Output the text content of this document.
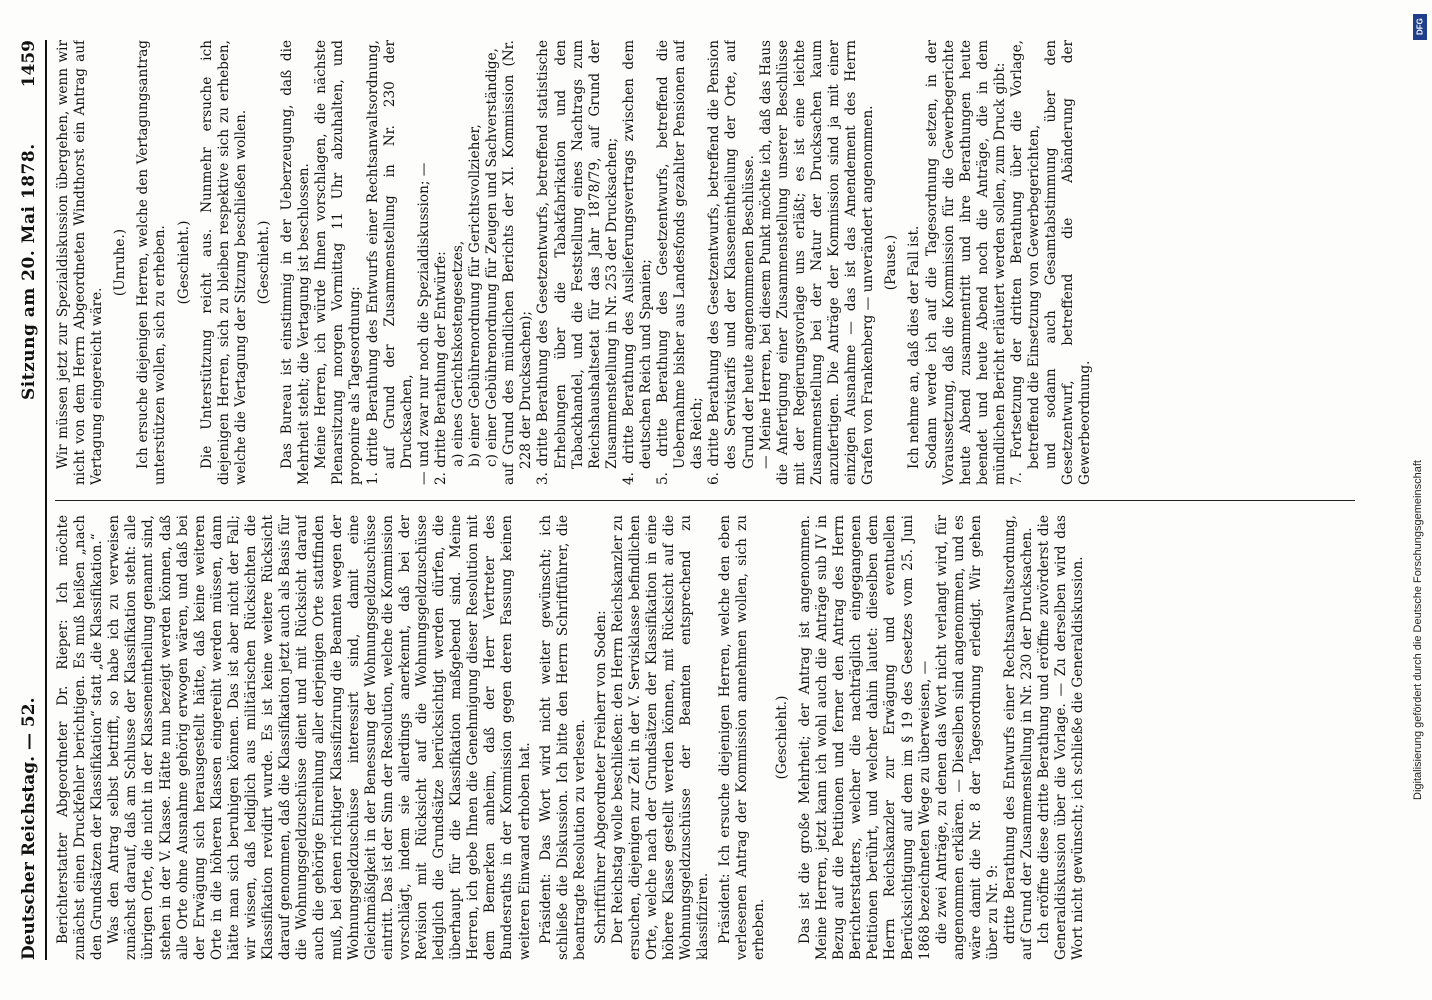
Deutscher Reichstag. — 52.
Sitzung am 20. Mai 1878.
1459

Berichterstatter Abgeordneter Dr. Rieper: Ich möchte zunächst einen Druckfehler berichtigen. Es muß heißen „nach den Grundsätzen der Klassifikation“ statt „die Klassifikation.“ Was den Antrag selbst betrifft, so habe ich zu verweisen zunächst darauf, daß am Schlusse der Klassifikation steht: alle übrigen Orte, die nicht in der Klasseneintheilung genannt sind, stehen in der V. Klasse. Hätte nun bezeigt werden können, daß alle Orte ohne Ausnahme gehörig erwogen wären, und daß bei der Erwägung sich herausgestellt hätte, daß keine weiteren Orte in die höheren Klassen eingereiht werden müssen, dann hätte man sich beruhigen können. Das ist aber nicht der Fall; wir wissen, daß lediglich aus militärischen Rücksichten die Klassifikation revidirt wurde. Es ist keine weitere Rücksicht darauf genommen, daß die Klassifikation jetzt auch als Basis für die Wohnungsgeldzuschüsse dient und mit Rücksicht darauf auch die gehörige Einreihung aller derjenigen Orte stattfinden muß, bei denen richtiger Klassifizirung die Beamten wegen der Wohnungsgeldzuschüsse interessirt sind, damit eine Gleichmäßigkeit in der Benessung der Wohnungsgeldzuschüsse eintritt. Das ist der Sinn der Resolution, welche die Kommission vorschlägt, indem sie allerdings anerkennt, daß bei der Revision mit Rücksicht auf die Wohnungsgeldzuschüsse lediglich die Grundsätze berücksichtigt werden dürfen, die überhaupt für die Klassifikation maßgebend sind. Meine Herren, ich gebe Ihnen die Genehmigung dieser Resolution mit dem Bemerken anheim, daß der Herr Vertreter des Bundesraths in der Kommission gegen deren Fassung keinen weiteren Einwand erhoben hat. Präsident: Das Wort wird nicht weiter gewünscht; ich schließe die Diskussion. Ich bitte den Herrn Schriftführer, die beantragte Resolution zu verlesen. Schriftführer Abgeordneter Freiherr von Soden: Der Reichstag wolle beschließen: den Herrn Reichskanzler zu ersuchen, diejenigen zur Zeit in der V. Servisklasse befindlichen Orte, welche nach der Grundsätzen der Klassifikation in eine höhere Klasse gestellt werden können, mit Rücksicht auf die Wohnungsgeldzuschüsse der Beamten entsprechend zu klassifiziren. Präsident: Ich ersuche diejenigen Herren, welche den eben verlesenen Antrag der Kommission annehmen wollen, sich zu erheben.

(Geschieht.) Das ist die große Mehrheit; der Antrag ist angenommen. Meine Herren, jetzt kann ich wohl auch die Anträge sub IV in Bezug auf die Petitionen und ferner den Antrag des Herrn Berichterstatters, welcher die nachträglich eingegangenen Petitionen berührt, und welcher dahin lautet: dieselben dem Herrn Reichskanzler zur Erwägung und eventuellen Berücksichtigung auf dem im § 19 des Gesetzes vom 25. Juni 1868 bezeichneten Wege zu überweisen, — die zwei Anträge, zu denen das Wort nicht verlangt wird, für angenommen erklären. — Dieselben sind angenommen, und es wäre damit die Nr. 8 der Tagesordnung erledigt. Wir gehen über zu Nr. 9: dritte Berathung des Entwurfs einer Rechtsanwaltsordnung, auf Grund der Zusammenstellung in Nr. 230 der Drucksachen. Ich eröffne diese dritte Berathung und eröffne zuvörderst die Generaldiskussion über die Vorlage. — Zu derselben wird das Wort nicht gewünscht; ich schließe die Generaldiskussion.

Wir müssen jetzt zur Spezialdiskussion übergehen, wenn wir nicht von dem Herrn Abgeordneten Windthorst ein Antrag auf Vertagung eingereicht wäre.

(Unruhe.) Ich ersuche diejenigen Herren, welche den Vertagungsantrag unterstützen wollen, sich zu erheben. (Geschieht.) Die Unterstützung reicht aus. Nunmehr ersuche ich diejenigen Herren, sich zu bleiben respektive sich zu erheben, welche die Vertagung der Sitzung beschließen wollen. (Geschieht.) Das Bureau ist einstimmig in der Ueberzeugung, daß die Mehrheit steht; die Vertagung ist beschlossen. Meine Herren, ich würde Ihnen vorschlagen, die nächste Plenarsitzung morgen Vormittag 11 Uhr abzuhalten, und proponire als Tagesordnung: 1. dritte Berathung des Entwurfs einer Rechtsanwaltsordnung, auf Grund der Zusammenstellung in Nr. 230 der Drucksachen, — und zwar nur noch die Spezialdiskussion; — 2. dritte Berathung der Entwürfe: a) eines Gerichtskostengesetzes, b) einer Gebührenordnung für Gerichtsvollzieher, c) einer Gebührenordnung für Zeugen und Sachverständige, auf Grund des mündlichen Berichts der XI. Kommission (Nr. 228 der Drucksachen); 3. dritte Berathung des Gesetzentwurfs, betreffend statistische Erhebungen über die Tabakfabrikation und den Tabackhandel, und die Feststellung eines Nachtrags zum Reichshaushaltsetat für das Jahr 1878/79, auf Grund der Zusammenstellung in Nr. 253 der Drucksachen; 4. dritte Berathung des Auslieferungsvertrags zwischen dem deutschen Reich und Spanien; 5. dritte Berathung des Gesetzentwurfs, betreffend die Uebernahme bisher aus Landesfonds gezahlter Pensionen auf das Reich; 6. dritte Berathung des Gesetzentwurfs, betreffend die Pension des Servistarifs und der Klasseneintheilung der Orte, auf Grund der heute angenommenen Beschlüsse. — Meine Herren, bei diesem Punkt möchte ich, daß das Haus die Anfertigung einer Zusammenstellung unserer Beschlüsse mit der Regierungsvorlage uns erläßt; es ist eine leichte Zusammenstellung bei der Natur der Drucksachen kaum anzufertigen. Die Anträge der Kommission sind ja mit einer einzigen Ausnahme — das ist das Amendement des Herrn Grafen von Frankenberg — unverändert angenommen. (Pause.) Ich nehme an, daß dies der Fall ist. Sodann werde ich auf die Tagesordnung setzen, in der Voraussetzung, daß die Kommission für die Gewerbegerichte heute Abend zusammentritt und ihre Berathungen heute beendet und heute Abend noch die Anträge, die in dem mündlichen Bericht erläutert werden sollen, zum Druck gibt: 7. Fortsetzung der dritten Berathung über die Vorlage, betreffend die Einsetzung von Gewerbegerichten, und sodann auch Gesamtabstimmung über den Gesetzentwurf, betreffend die Abänderung der Gewerbeordnung.

DFG
Digitalisierung gefördert durch die Deutsche Forschungsgemeinschaft
